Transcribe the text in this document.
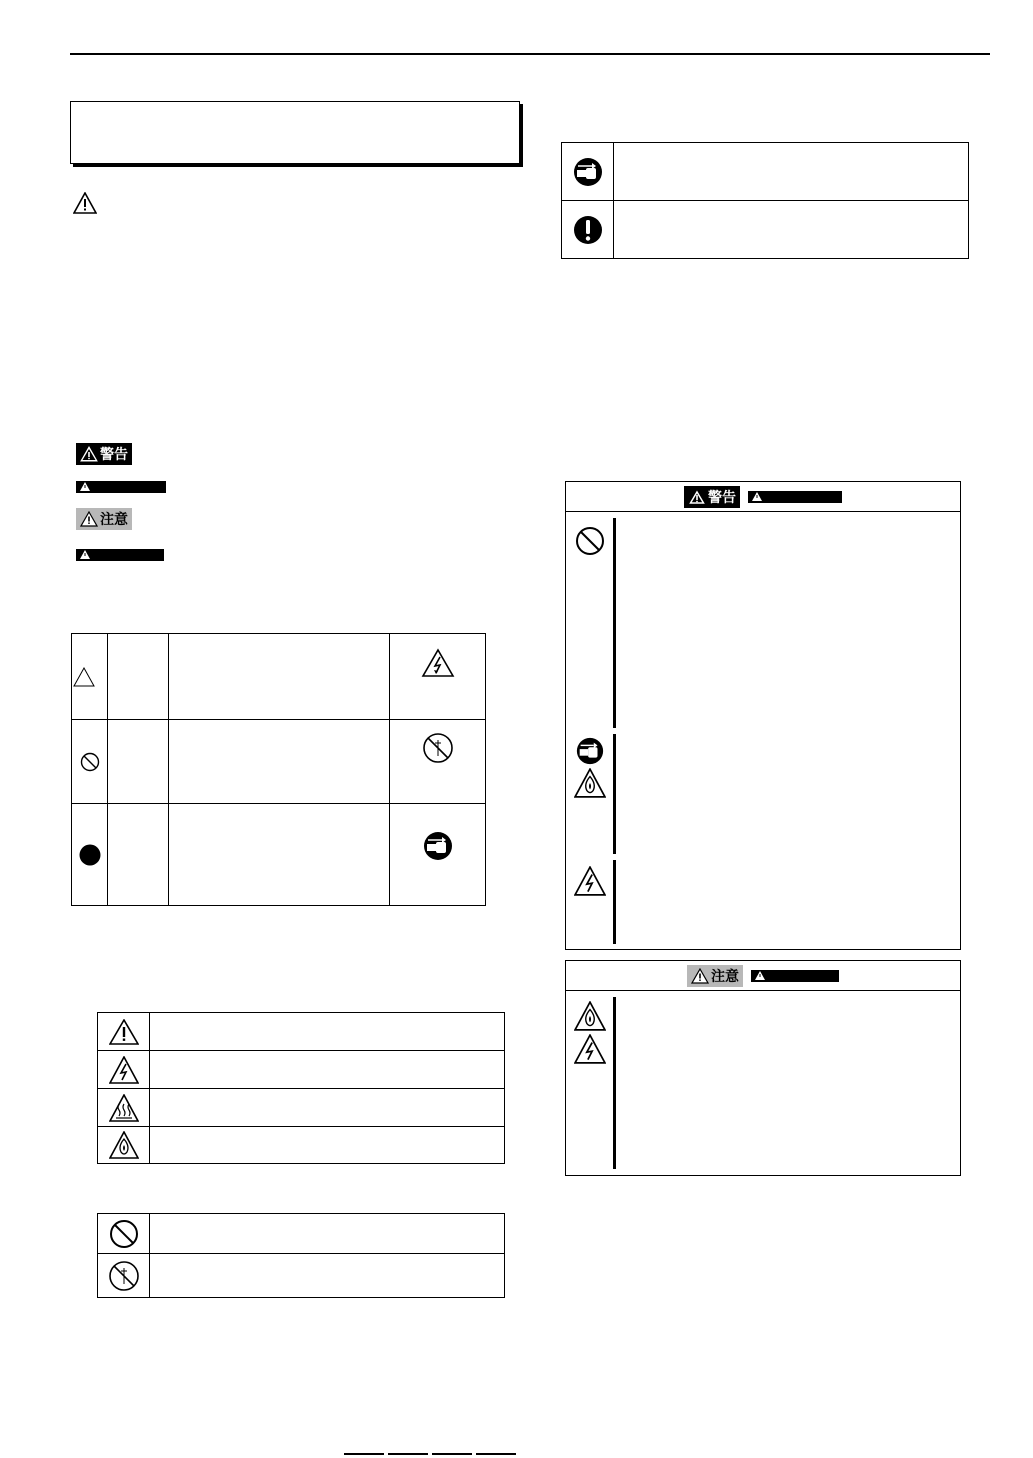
警告
注意

警告
注意
